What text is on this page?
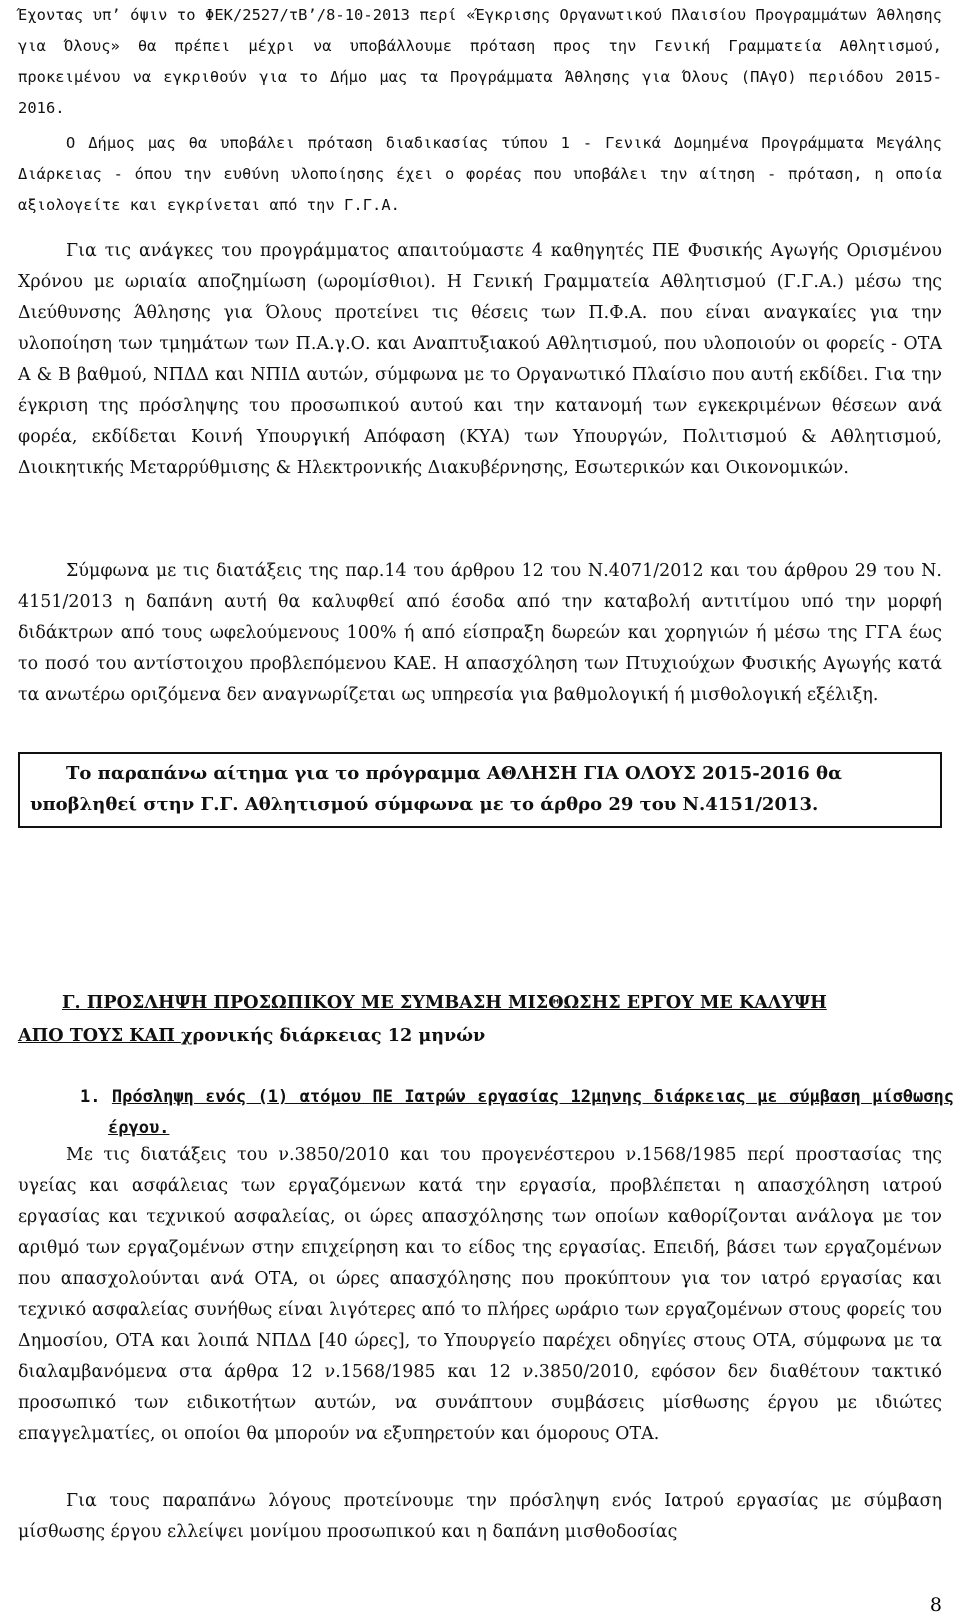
Έχοντας υπ’ όψιν το ΦΕΚ/2527/τΒ’/8-10-2013 περί «Έγκρισης Οργανωτικού Πλαισίου Προγραμμάτων Άθλησης για Όλους» θα πρέπει μέχρι να υποβάλλουμε πρόταση προς την Γενική Γραμματεία Αθλητισμού, προκειμένου να εγκριθούν για το Δήμο μας τα Προγράμματα Άθλησης για Όλους (ΠΑγΟ) περιόδου 2015-2016.

Ο Δήμος μας θα υποβάλει πρόταση διαδικασίας τύπου 1 - Γενικά Δομημένα Προγράμματα Μεγάλης Διάρκειας - όπου την ευθύνη υλοποίησης έχει ο φορέας που υποβάλει την αίτηση - πρόταση, η οποία αξιολογείτε και εγκρίνεται από την Γ.Γ.Α.

Για τις ανάγκες του προγράμματος απαιτούμαστε 4 καθηγητές ΠΕ Φυσικής Αγωγής Ορισμένου Χρόνου με ωριαία αποζημίωση (ωρομίσθιοι). Η Γενική Γραμματεία Αθλητισμού (Γ.Γ.Α.) μέσω της Διεύθυνσης Άθλησης για Όλους προτείνει τις θέσεις των Π.Φ.Α. που είναι αναγκαίες για την υλοποίηση των τμημάτων των Π.Α.γ.Ο. και Αναπτυξιακού Αθλητισμού, που υλοποιούν οι φορείς - ΟΤΑ Α & Β βαθμού, ΝΠΔΔ και ΝΠΙΔ αυτών, σύμφωνα με το Οργανωτικό Πλαίσιο που αυτή εκδίδει. Για την έγκριση της πρόσληψης του προσωπικού αυτού και την κατανομή των εγκεκριμένων θέσεων ανά φορέα, εκδίδεται Κοινή Υπουργική Απόφαση (ΚΥΑ) των Υπουργών, Πολιτισμού & Αθλητισμού, Διοικητικής Μεταρρύθμισης & Ηλεκτρονικής Διακυβέρνησης, Εσωτερικών και Οικονομικών.

Σύμφωνα με τις διατάξεις της παρ.14 του άρθρου 12 του Ν.4071/2012 και του άρθρου 29 του Ν. 4151/2013 η δαπάνη αυτή θα καλυφθεί από έσοδα από την καταβολή αντιτίμου υπό την μορφή διδάκτρων από τους ωφελούμενους 100% ή από είσπραξη δωρεών και χορηγιών ή μέσω της ΓΓΑ έως το ποσό του αντίστοιχου προβλεπόμενου ΚΑΕ. Η απασχόληση των Πτυχιούχων Φυσικής Αγωγής κατά τα ανωτέρω οριζόμενα δεν αναγνωρίζεται ως υπηρεσία για βαθμολογική ή μισθολογική εξέλιξη.

Το παραπάνω αίτημα για το πρόγραμμα ΑΘΛΗΣΗ ΓΙΑ ΟΛΟΥΣ 2015-2016 θα
υποβληθεί στην Γ.Γ. Αθλητισμού σύμφωνα με το άρθρο 29 του Ν.4151/2013.

Γ. ΠΡΟΣΛΗΨΗ ΠΡΟΣΩΠΙΚΟΥ ΜΕ ΣΥΜΒΑΣΗ ΜΙΣΘΩΣΗΣ ΕΡΓΟΥ ΜΕ ΚΑΛΥΨΗ

ΑΠΟ ΤΟΥΣ ΚΑΠ χρονικής διάρκειας 12 μηνών

1. Πρόσληψη ενός (1) ατόμου ΠΕ Ιατρών εργασίας 12μηνης διάρκειας με σύμβαση μίσθωσης έργου.

Με τις διατάξεις του ν.3850/2010 και του προγενέστερου ν.1568/1985 περί προστασίας της υγείας και ασφάλειας των εργαζόμενων κατά την εργασία, προβλέπεται η απασχόληση ιατρού εργασίας και τεχνικού ασφαλείας, οι ώρες απασχόλησης των οποίων καθορίζονται ανάλογα με τον αριθμό των εργαζομένων στην επιχείρηση και το είδος της εργασίας. Επειδή, βάσει των εργαζομένων που απασχολούνται ανά ΟΤΑ, οι ώρες απασχόλησης που προκύπτουν για τον ιατρό εργασίας και τεχνικό ασφαλείας συνήθως είναι λιγότερες από το πλήρες ωράριο των εργαζομένων στους φορείς του Δημοσίου, ΟΤΑ και λοιπά ΝΠΔΔ [40 ώρες], το Υπουργείο παρέχει οδηγίες στους ΟΤΑ, σύμφωνα με τα διαλαμβανόμενα στα άρθρα 12 ν.1568/1985 και 12 ν.3850/2010, εφόσον δεν διαθέτουν τακτικό προσωπικό των ειδικοτήτων αυτών, να συνάπτουν συμβάσεις μίσθωσης έργου με ιδιώτες επαγγελματίες, οι οποίοι θα μπορούν να εξυπηρετούν και όμορους ΟΤΑ.

Για τους παραπάνω λόγους προτείνουμε την πρόσληψη ενός Ιατρού εργασίας με σύμβαση μίσθωσης έργου ελλείψει μονίμου προσωπικού και η δαπάνη μισθοδοσίας

8
